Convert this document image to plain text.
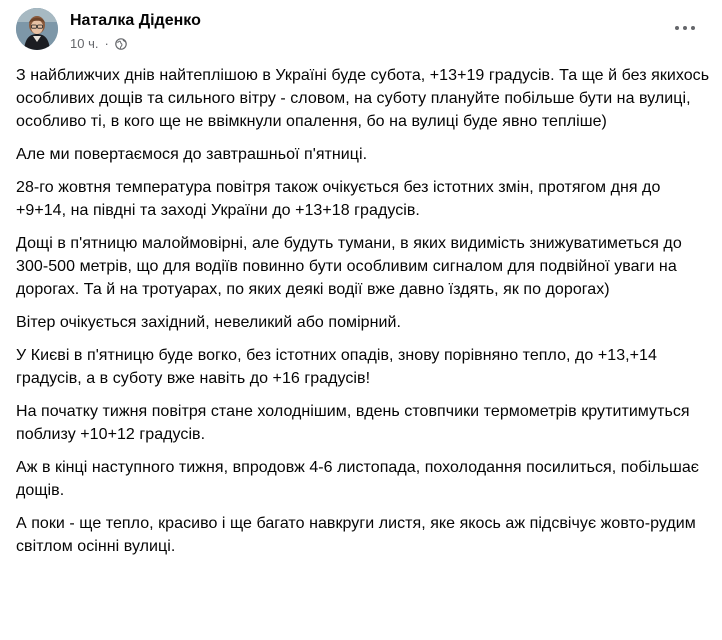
Наталка Діденко
10 ч. ·

З найближчих днів найтеплішою в Україні буде субота, +13+19 градусів. Та ще й без якихось особливих дощів та сильного вітру - словом, на суботу плануйте побільше бути на вулиці, особливо ті, в кого ще не ввімкнули опалення, бо на вулиці буде явно тепліше)

Але ми повертаємося до завтрашньої п'ятниці.

28-го жовтня температура повітря також очікується без істотних змін, протягом дня до +9+14, на півдні та заході України до +13+18 градусів.

Дощі в п'ятницю малоймовірні, але будуть тумани, в яких видимість знижуватиметься до 300-500 метрів, що для водіїв повинно бути особливим сигналом для подвійної уваги на дорогах. Та й на тротуарах, по яких деякі водії вже давно їздять, як по дорогах)

Вітер очікується західний, невеликий або помірний.

У Києві в п'ятницю буде вогко, без істотних опадів, знову порівняно тепло, до +13,+14 градусів, а в суботу вже навіть до +16 градусів!

На початку тижня повітря стане холоднішим, вдень стовпчики термометрів крутитимуться поблизу +10+12 градусів.

Аж в кінці наступного тижня, впродовж 4-6 листопада, похолодання посилиться, побільшає дощів.

А поки - ще тепло, красиво і ще багато навкруги листя, яке якось аж підсвічує жовто-рудим світлом осінні вулиці.
